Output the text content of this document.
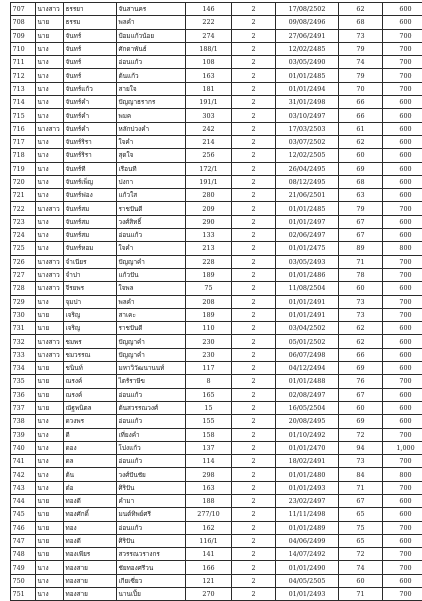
707	นางสาว	ธรรยา	จันสานคร	146	2	17/08/2502	62	600
708	นาย	ธรรม	พลคำ	222	2	09/08/2496	68	600
709	นาย	จันทร์	ป้อมแก้วน้อย	274	2	27/06/2491	73	700
710	นาง	จันทร์	ศักดาพันธ์	188/1	2	12/02/2485	79	700
711	นาง	จันทร์	อ่อนแก้ว	108	2	03/05/2490	74	700
712	นาง	จันทร์	ต้นแก้ว	163	2	01/01/2485	79	700
713	นาง	จันทร์แก้ว	สายใจ	181	2	01/01/2494	70	700
714	นาง	จันทร์คำ	ปัญญาธรากร	191/1	2	31/01/2498	66	600
715	นาง	จันทร์คำ	พมค	303	2	03/10/2497	66	600
716	นางสาว	จันทร์คำ	หลักบ่วงคำ	242	2	17/03/2503	61	600
717	นาง	จันทร์ริรา	ใจคำ	214	2	03/07/2502	62	600
718	นาง	จันทร์ริรา	สุดใจ	256	2	12/02/2505	60	600
719	นาง	จันทร์ที	เรือนที	172/1	2	26/04/2495	69	600
720	นาง	จันทร์เพ็ญ	ปงกา	191/1	2	08/12/2495	68	600
721	นาง	จันทร์ฟอง	แก้วใส	280	2	21/06/2501	63	600
722	นางสาว	จันทร์สม	ราชปันดี	209	2	01/01/2485	79	700
723	นาง	จันทร์สม	วงศ์สิทธิ์	290	2	01/01/2497	67	600
724	นาง	จันทร์สม	อ่อนแก้ว	133	2	02/06/2497	67	600
725	นาง	จันทร์หอม	ใจคำ	213	2	01/01/2475	89	800
726	นางสาว	จำเนียร	ปัญญาคำ	228	2	03/05/2493	71	700
727	นางสาว	จำปา	แก้วปัน	189	2	01/01/2486	78	700
728	นางสาว	จีรยพร	ใจพล	75	2	11/08/2504	60	600
729	นาง	จุมปา	พลคำ	208	2	01/01/2491	73	700
730	นาย	เจริญ	สาเคะ	189	2	01/01/2491	73	700
731	นาย	เจริญ	ราชปันดี	110	2	03/04/2502	62	600
732	นางสาว	ชมพร	ปัญญาคำ	230	2	05/01/2502	62	600
733	นางสาว	ชมวรรณ	ปัญญาคำ	230	2	06/07/2498	66	600
734	นาย	ชนินท์	มหาวิวัฒนานนท์	117	2	04/12/2494	69	600
735	นาย	ณรงค์	ไตร้ราษีข	8	2	01/01/2488	76	700
736	นาย	ณรงค์	อ่อนแก้ว	165	2	02/08/2497	67	600
737	นาย	ณัฐพนิตล	ต้นสวรรณวงศ์	15	2	16/05/2504	60	600
738	นาง	ดวงพร	อ่อนแก้ว	155	2	20/08/2495	69	600
739	นาง	ดี	เที่ยงคำ	158	2	01/10/2492	72	700
740	นาง	ดอง	โปงแก้ว	137	2	01/01/2470	94	1,000
741	นาง	ดล	อ่อนแก้ว	114	2	18/02/2491	73	700
742	นาง	ต้น	วงศ์ปันชัย	298	2	01/01/2480	84	800
743	นาง	ต๋อ	ศิริปัน	163	2	01/01/2493	71	700
744	นาย	ทองดี	คำมา	188	2	23/02/2497	67	600
745	นาย	ทองศักดิ์	มนต์ทิพย์ศรี	277/10	2	11/11/2498	65	600
746	นาย	ทอง	อ่อนแก้ว	162	2	01/01/2489	75	700
747	นาย	ทองดี	ศิริปัน	116/1	2	04/06/2499	65	600
748	นาย	ทองเพียร	สวรรณวรางกร	141	2	14/07/2492	72	700
749	นาง	ทองสาย	ชัยทองศรีวน	166	2	01/01/2490	74	700
750	นาง	ทองสาย	เกียเซี่ยว	121	2	04/05/2505	60	600
751	นาง	ทองสาย	นานเปิ้ย	270	2	01/01/2493	71	700
